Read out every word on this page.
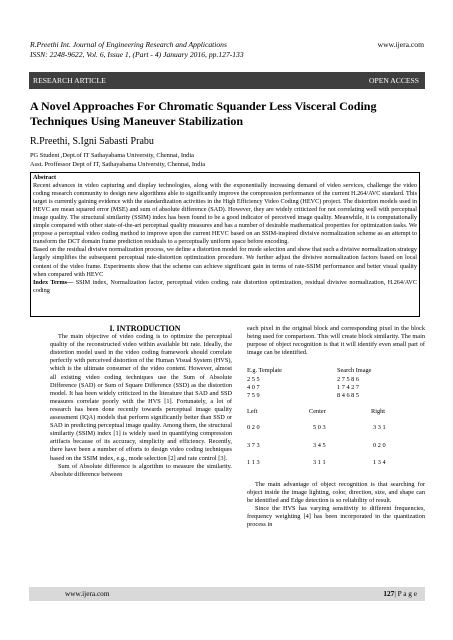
R.Preethi Int. Journal of Engineering Research and Applications
ISSN: 2248-9622, Vol. 6, Issue 1, (Part - 4) January 2016, pp.127-133
www.ijera.com
RESEARCH ARTICLE	OPEN ACCESS
A Novel Approaches For Chromatic Squander Less Visceral Coding Techniques Using Maneuver Stabilization
R.Preethi, S.Igni Sabasti Prabu
PG Student ,Dept.of IT Sathayabama University, Chennai, India
Asst. Proffessor Dept of IT, Sathayabama University, Chennai, India

Abstract

Recent advances in video capturing and display technologies, along with the exponentially increasing demand of video services, challenge the video coding research community to design new algorithms able to significantly improve the compression performance of the current H.264/AVC standard. This target is currently gaining evidence with the standardization activities in the High Efficiency Video Coding (HEVC) project. The distortion models used in HEVC are mean squared error (MSE) and sum of absolute difference (SAD). However, they are widely criticized for not correlating well with perceptual image quality. The structural similarity (SSIM) index has been found to be a good indicator of perceived image quality. Meanwhile, it is computationally simple compared with other state-of-the-art perceptual quality measures and has a number of desirable mathematical properties for optimization tasks. We propose a perceptual video coding method to improve upon the current HEVC based on an SSIM-inspired divisive normalization scheme as an attempt to transform the DCT domain frame prediction residuals to a perceptually uniform space before encoding.

Based on the residual divisive normalization process, we define a distortion model for mode selection and show that such a divisive normalization strategy largely simplifies the subsequent perceptual rate-distortion optimization procedure. We further adjust the divisive normalization factors based on local content of the video frame. Experiments show that the scheme can achieve significant gain in terms of rate-SSIM performance and better visual quality when compared with HEVC

Index Terms— SSIM index, Normalization factor, perceptual video coding, rate distortion optimization, residual divisive normalization, H.264/AVC coding

I. INTRODUCTION

The main objective of video coding is to optimize the perceptual quality of the reconstructed video within available bit rate. Ideally, the distortion model used in the video coding framework should correlate perfectly with perceived distortion of the Human Visual System (HVS), which is the ultimate consumer of the video content. However, almost all existing video coding techniques use the Sum of Absolute Difference (SAD) or Sum of Square Difference (SSD) as the distortion model. It has been widely criticized in the literature that SAD and SSD measures correlate poorly with the HVS [1]. Fortunately, a lot of research has been done recently towards perceptual image quality assessment (IQA) models that perform significantly better than SSD or SAD in predicting perceptual image quality. Among them, the structural similarity (SSIM) index [1] is widely used in quantifying compression artifacts because of its accuracy, simplicity and efficiency. Recently, there have been a number of efforts to design video coding techniques based on the SSIM index, e.g., mode selection [2] and rate control [3].

Sum of Absolute difference is algorithm to measure the similarity. Absolute difference between

each pixel in the original block and corresponding pixel in the block being used for comparison. This will create block similarity. The main purpose of object recognition is that it will identify even small part of image can be identified.

E.g. Template	Search Image
2 5 5	2 7 5 8 6
4 0 7	1 7 4 2 7
7 5 9	8 4 6 8 5
Left	Center	Right
0 2 0	5 0 3	3 3 1
3 7 3	3 4 5	0 2 0
1 1 3	3 1 1	1 3 4

The main advantage of object recognition is that searching for object inside the image lighting, color, direction, size, and shape can be identified and Edge detection is so reliability of result.

Since the HVS has varying sensitivity to different frequencies, frequency weighting [4] has been incorporated in the quantization process in

www.ijera.com	127| P a g e
